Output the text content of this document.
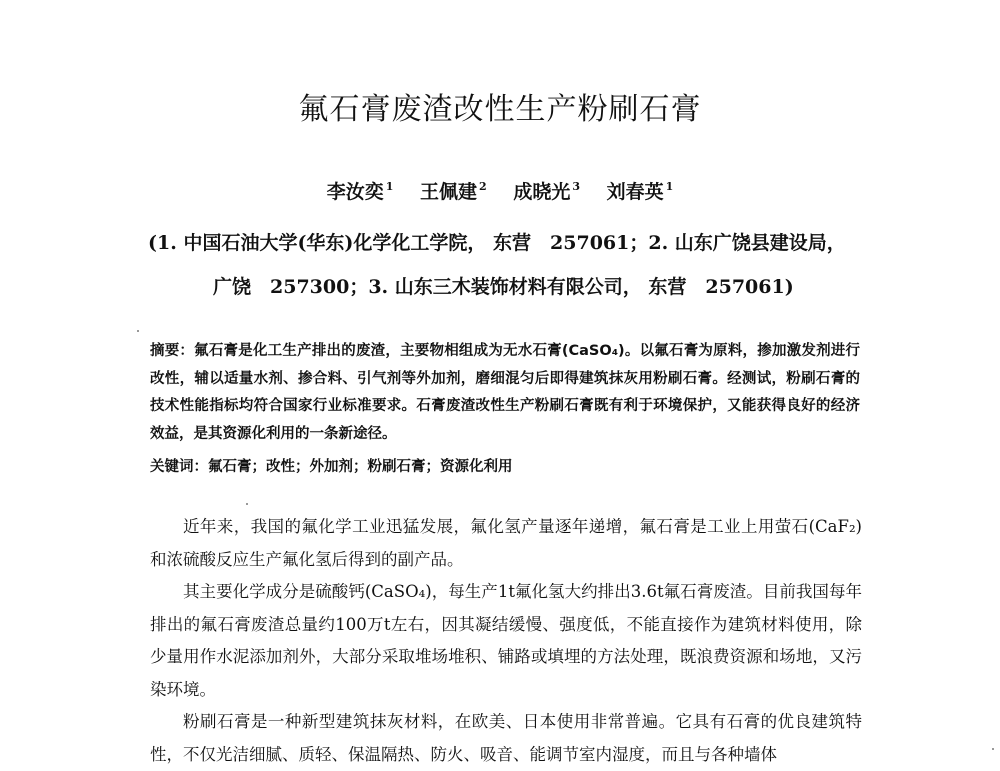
氟石膏废渣改性生产粉刷石膏
李汝奕 $^1$ 王佩建 $^2$ 成晓光 $^3$ 刘春英 $^1$
(1. 中国石油大学(华东)化学化工学院， 东营　257061；2. 山东广饶县建设局，
广饶　257300；3. 山东三木装饰材料有限公司， 东营　257061)
摘要：氟石膏是化工生产排出的废渣，主要物相组成为无水石膏(CaSO₄)。以氟石膏为原料，掺加激发剂进行改性，辅以适量水剂、掺合料、引气剂等外加剂，磨细混匀后即得建筑抹灰用粉刷石膏。经测试，粉刷石膏的技术性能指标均符合国家行业标准要求。石膏废渣改性生产粉刷石膏既有利于环境保护，又能获得良好的经济效益，是其资源化利用的一条新途径。
关键词：氟石膏；改性；外加剂；粉刷石膏；资源化利用

近年来，我国的氟化学工业迅猛发展，氟化氢产量逐年递增，氟石膏是工业上用萤石(CaF₂)和浓硫酸反应生产氟化氢后得到的副产品。

其主要化学成分是硫酸钙(CaSO₄)，每生产1t氟化氢大约排出3.6t氟石膏废渣。目前我国每年排出的氟石膏废渣总量约100万t左右，因其凝结缓慢、强度低，不能直接作为建筑材料使用，除少量用作水泥添加剂外，大部分采取堆场堆积、铺路或填埋的方法处理，既浪费资源和场地，又污染环境。

粉刷石膏是一种新型建筑抹灰材料，在欧美、日本使用非常普遍。它具有石膏的优良建筑特性，不仅光洁细腻、质轻、保温隔热、防火、吸音、能调节室内湿度，而且与各种墙体
